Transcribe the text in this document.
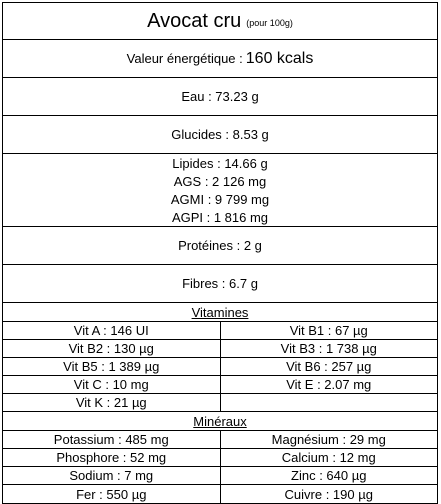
Avocat cru (pour 100g)
Valeur énergétique : 160 kcals
Eau : 73.23 g
Glucides : 8.53 g
Lipides : 14.66 g
AGS : 2 126 mg
AGMI : 9 799 mg
AGPI : 1 816 mg
Protéines : 2 g
Fibres : 6.7 g
Vitamines
Vit A : 146 UI	Vit B1 : 67 µg
Vit B2 : 130 µg	Vit B3 : 1 738 µg
Vit B5 : 1 389 µg	Vit B6 : 257 µg
Vit C : 10 mg	Vit E : 2.07 mg
Vit K : 21 µg
Minéraux
Potassium : 485 mg	Magnésium : 29 mg
Phosphore : 52 mg	Calcium : 12 mg
Sodium : 7 mg	Zinc : 640 µg
Fer : 550 µg	Cuivre : 190 µg
